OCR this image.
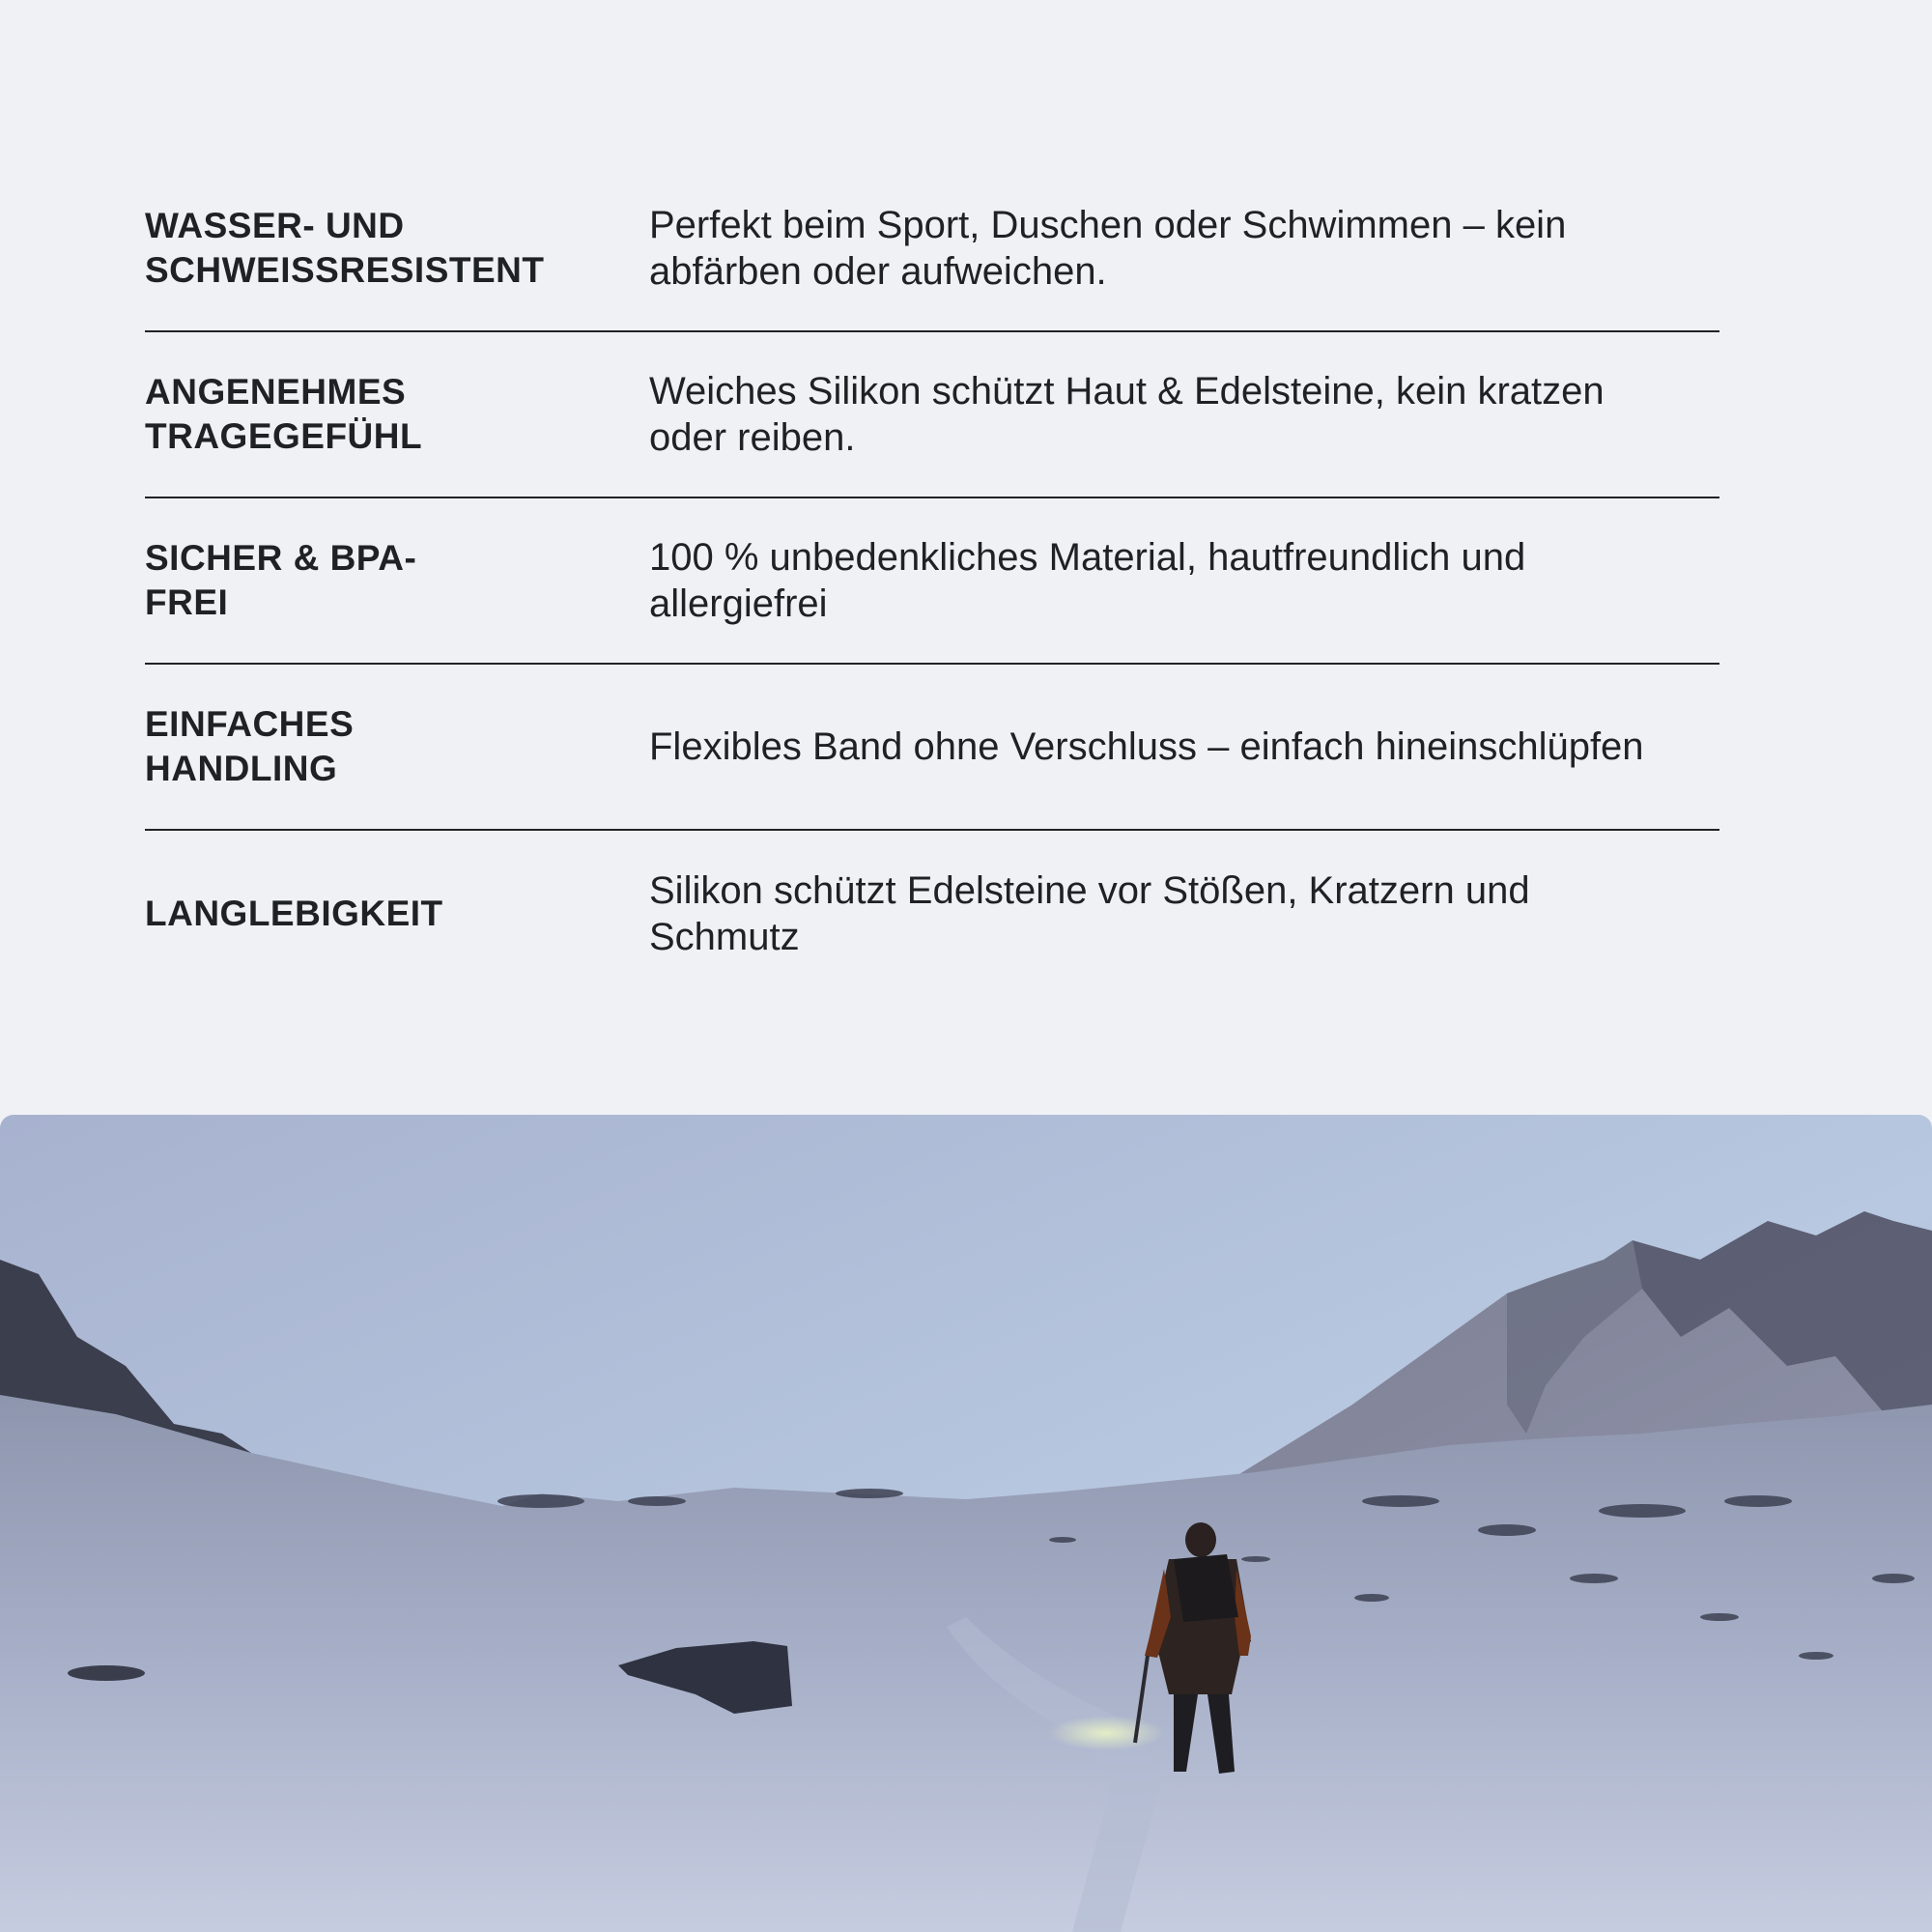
WASSER- UND
SCHWEISSRESISTENT
Perfekt beim Sport, Duschen oder Schwimmen – kein
abfärben oder aufweichen.
ANGENEHMES
TRAGEGEFÜHL
Weiches Silikon schützt Haut & Edelsteine, kein kratzen
oder reiben.
SICHER & BPA-
FREI
100 % unbedenkliches Material, hautfreundlich und
allergiefrei
EINFACHES
HANDLING
Flexibles Band ohne Verschluss – einfach hineinschlüpfen
LANGLEBIGKEIT
Silikon schützt Edelsteine vor Stößen, Kratzern und
Schmutz
